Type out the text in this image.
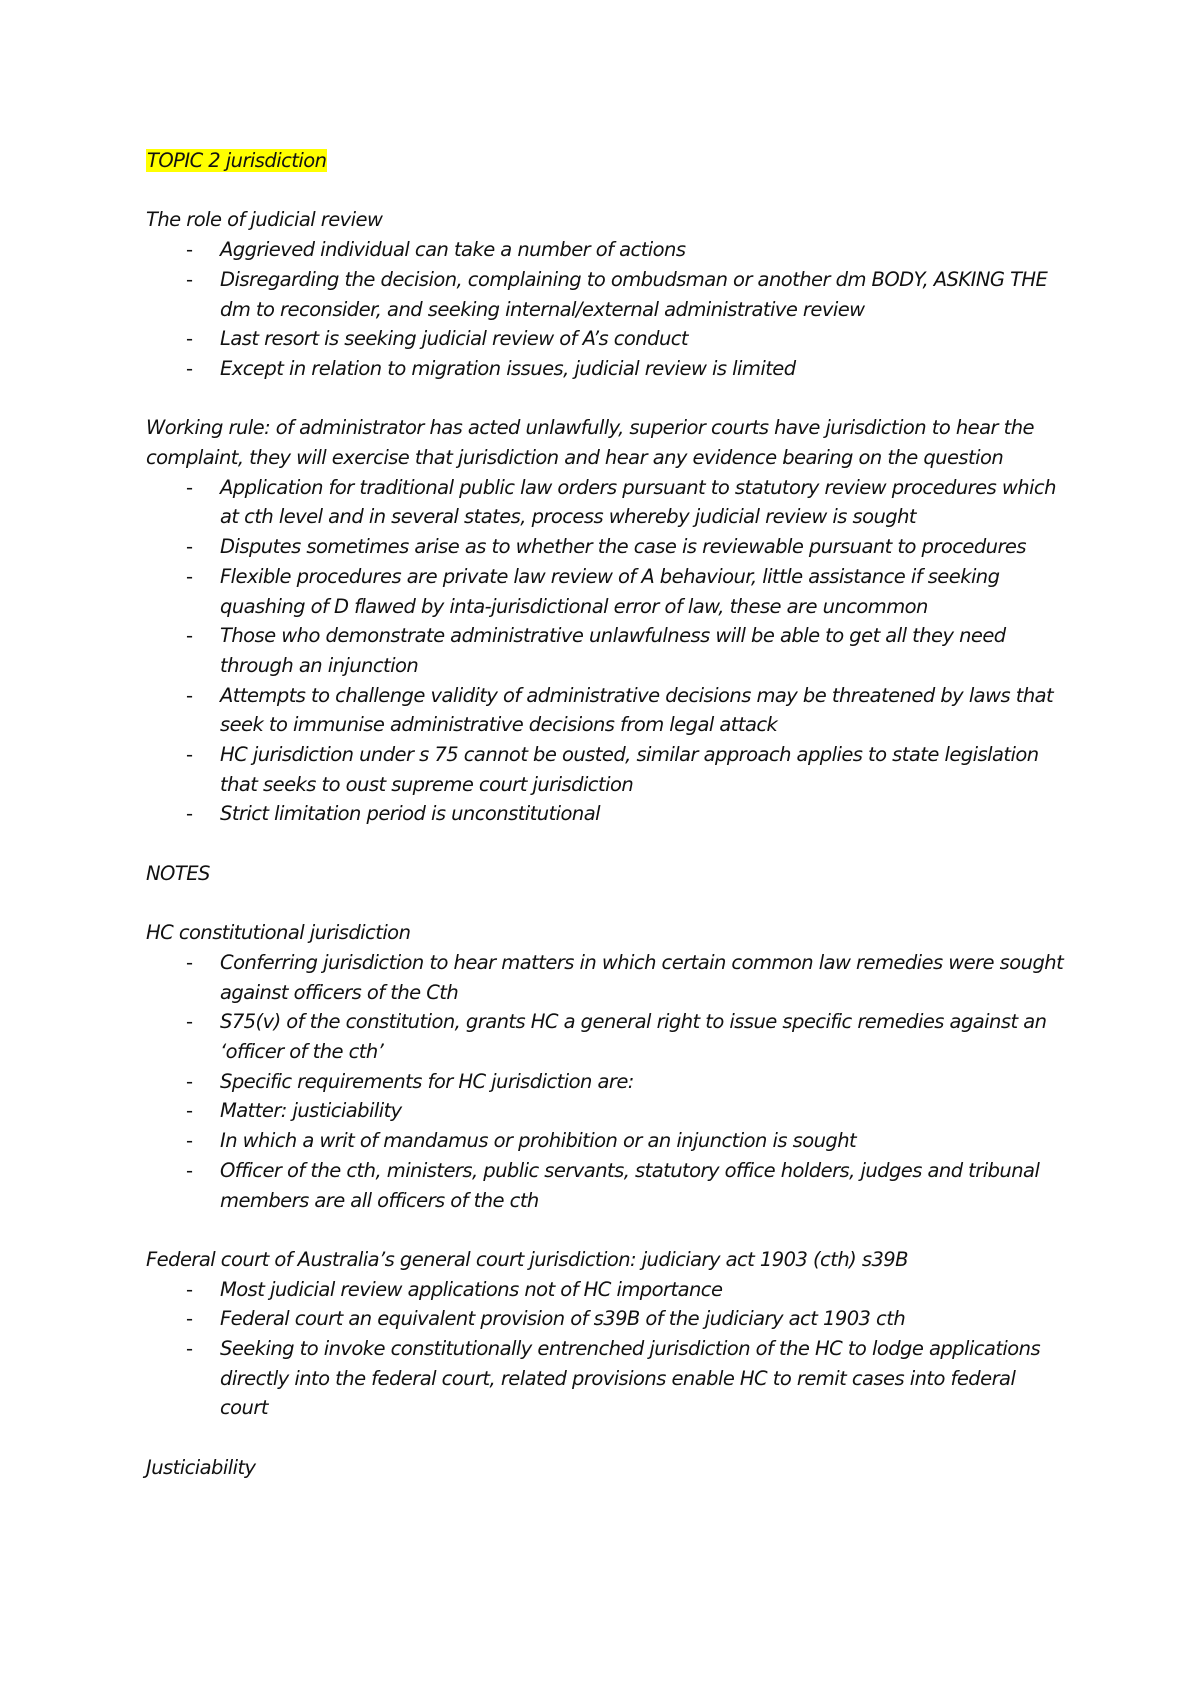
TOPIC 2 jurisdiction

The role of judicial review

- Aggrieved individual can take a number of actions
- Disregarding the decision, complaining to ombudsman or another dm BODY, ASKING THE dm to reconsider, and seeking internal/external administrative review
- Last resort is seeking judicial review of A’s conduct
- Except in relation to migration issues, judicial review is limited

Working rule: of administrator has acted unlawfully, superior courts have jurisdiction to hear the complaint, they will exercise that jurisdiction and hear any evidence bearing on the question

- Application for traditional public law orders pursuant to statutory review procedures which at cth level and in several states, process whereby judicial review is sought
- Disputes sometimes arise as to whether the case is reviewable pursuant to procedures
- Flexible procedures are private law review of A behaviour, little assistance if seeking quashing of D flawed by inta-jurisdictional error of law, these are uncommon
- Those who demonstrate administrative unlawfulness will be able to get all they need through an injunction
- Attempts to challenge validity of administrative decisions may be threatened by laws that seek to immunise administrative decisions from legal attack
- HC jurisdiction under s 75 cannot be ousted, similar approach applies to state legislation that seeks to oust supreme court jurisdiction
- Strict limitation period is unconstitutional

NOTES

HC constitutional jurisdiction

- Conferring jurisdiction to hear matters in which certain common law remedies were sought against officers of the Cth
- S75(v) of the constitution, grants HC a general right to issue specific remedies against an ‘officer of the cth’
- Specific requirements for HC jurisdiction are:
- Matter: justiciability
- In which a writ of mandamus or prohibition or an injunction is sought
- Officer of the cth, ministers, public servants, statutory office holders, judges and tribunal members are all officers of the cth

Federal court of Australia’s general court jurisdiction: judiciary act 1903 (cth) s39B

- Most judicial review applications not of HC importance
- Federal court an equivalent provision of s39B of the judiciary act 1903 cth
- Seeking to invoke constitutionally entrenched jurisdiction of the HC to lodge applications directly into the federal court, related provisions enable HC to remit cases into federal court

Justiciability
